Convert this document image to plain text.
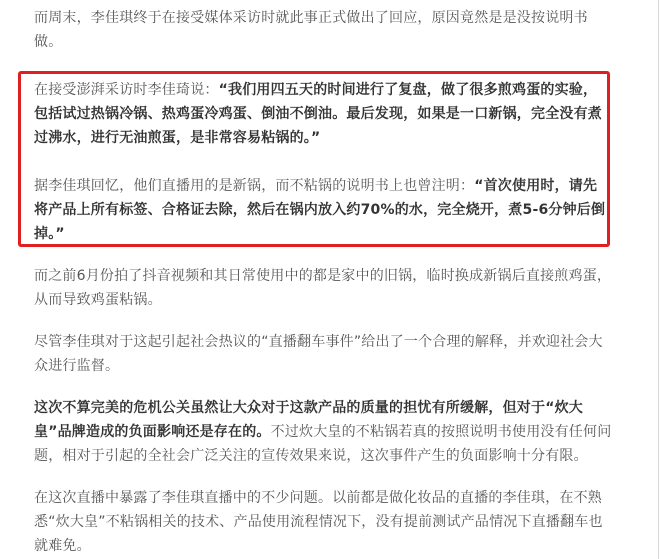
而周末，李佳琪终于在接受媒体采访时就此事正式做出了回应，原因竟然是是没按说明书做。

在接受澎湃采访时李佳琦说：“我们用四五天的时间进行了复盘，做了很多煎鸡蛋的实验，包括试过热锅冷锅、热鸡蛋冷鸡蛋、倒油不倒油。最后发现，如果是一口新锅，完全没有煮过沸水，进行无油煎蛋，是非常容易粘锅的。”

据李佳琪回忆，他们直播用的是新锅，而不粘锅的说明书上也曾注明：“首次使用时，请先将产品上所有标签、合格证去除，然后在锅内放入约70%的水，完全烧开，煮5-6分钟后倒掉。”

而之前6月份拍了抖音视频和其日常使用中的都是家中的旧锅，临时换成新锅后直接煎鸡蛋，从而导致鸡蛋粘锅。

尽管李佳琪对于这起引起社会热议的“直播翻车事件”给出了一个合理的解释，并欢迎社会大众进行监督。

这次不算完美的危机公关虽然让大众对于这款产品的质量的担忧有所缓解，但对于“炊大皇”品牌造成的负面影响还是存在的。不过炊大皇的不粘锅若真的按照说明书使用没有任何问题，相对于引起的全社会广泛关注的宣传效果来说，这次事件产生的负面影响十分有限。

在这次直播中暴露了李佳琪直播中的不少问题。以前都是做化妆品的直播的李佳琪，在不熟悉“炊大皇”不粘锅相关的技术、产品使用流程情况下，没有提前测试产品情况下直播翻车也就难免。
